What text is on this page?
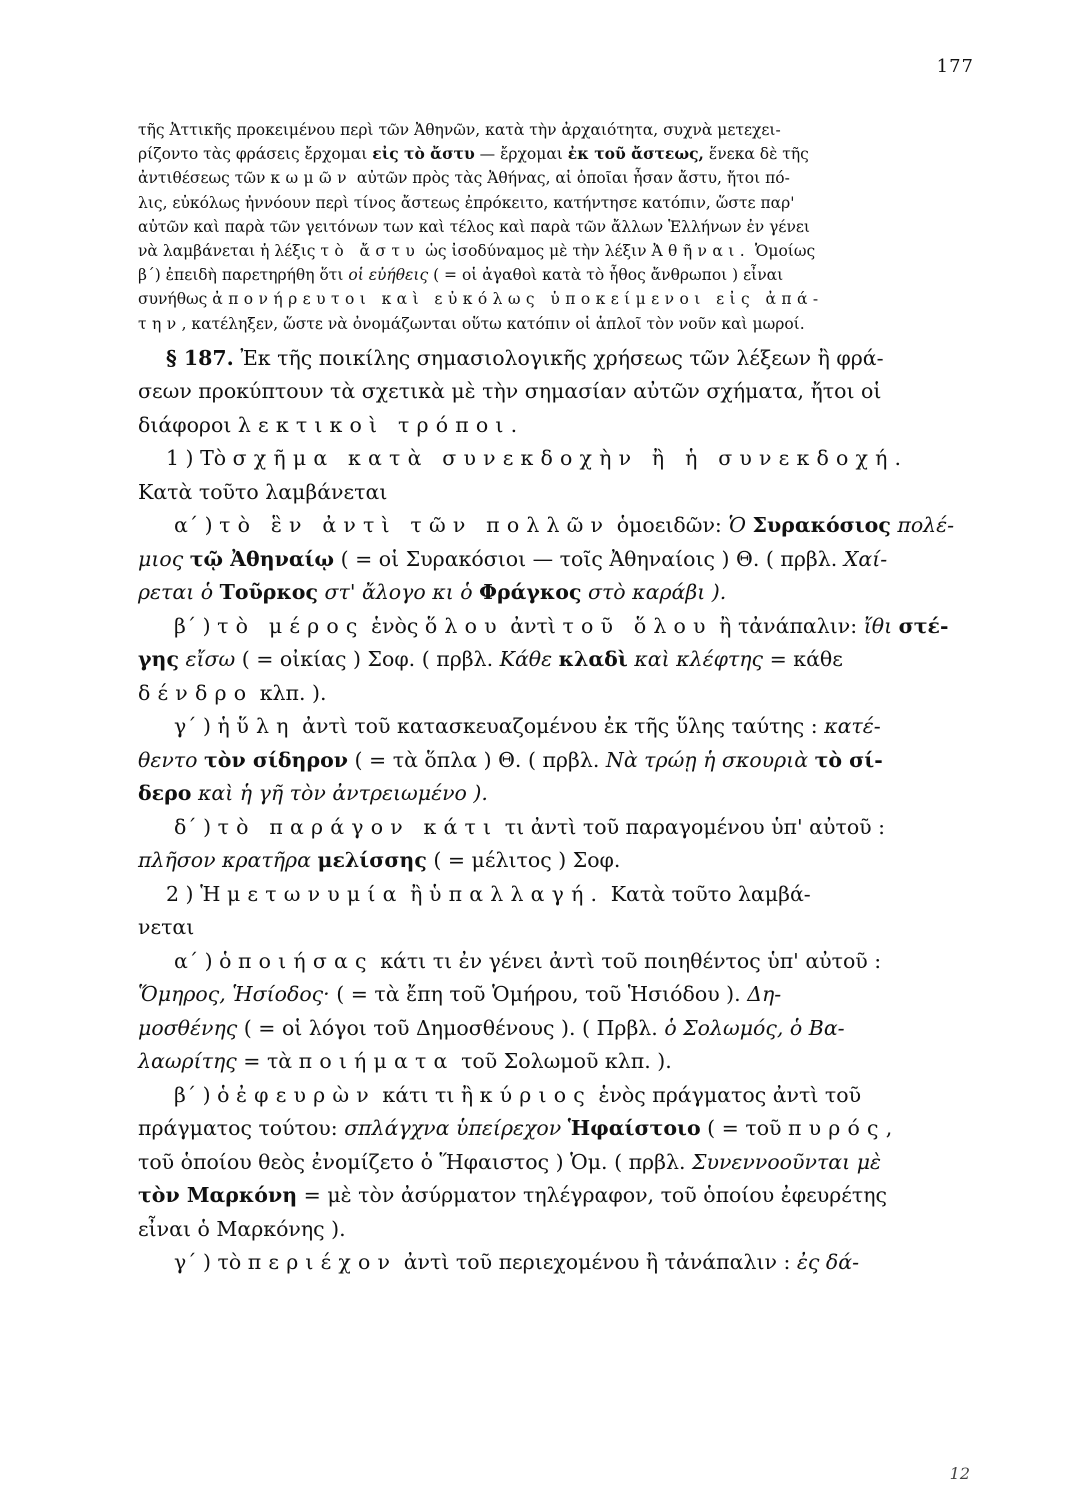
177

τῆς Ἀττικῆς προκειμένου περὶ τῶν Ἀθηνῶν, κατὰ τὴν ἀρχαιότητα, συχνὰ μετεχει-

ρίζοντο τὰς φράσεις ἔρχομαι εἰς τὸ ἄστυ — ἔρχομαι ἐκ τοῦ ἄστεως, ἕνεκα δὲ τῆς

ἀντιθέσεως τῶν κωμῶν αὐτῶν πρὸς τὰς Ἀθήνας, αἱ ὁποῖαι ἦσαν ἄστυ, ἤτοι πό-

λις, εὐκόλως ἠννόουν περὶ τίνος ἄστεως ἐπρόκειτο, κατήντησε κατόπιν, ὥστε παρ'

αὐτῶν καὶ παρὰ τῶν γειτόνων των καὶ τέλος καὶ παρὰ τῶν ἄλλων Ἑλλήνων ἐν γένει

νὰ λαμβάνεται ἡ λέξις τὸ ἄστυ ὡς ἰσοδύναμος μὲ τὴν λέξιν Ἀθῆναι. Ὁμοίως

β΄) ἐπειδὴ παρετηρήθη ὅτι οἱ εὐήθεις ( = οἱ ἀγαθοὶ κατὰ τὸ ἦθος ἄνθρωποι ) εἶναι

συνήθως ἀπονήρευτοι καὶ εὐκόλως ὑποκείμενοι εἰς ἀπά-

την, κατέληξεν, ὥστε νὰ ὀνομάζωνται οὕτω κατόπιν οἱ ἁπλοῖ τὸν νοῦν καὶ μωροί.

§ 187. Ἐκ τῆς ποικίλης σημασιολογικῆς χρήσεως τῶν λέξεων ἢ φρά-

σεων προκύπτουν τὰ σχετικὰ μὲ τὴν σημασίαν αὐτῶν σχήματα, ἤτοι οἱ

διάφοροι λεκτικοὶ τρόποι.

1 ) Τὸ σχῆμα κατὰ συνεκδοχὴν ἢ ἡ συνεκδοχή.

Κατὰ τοῦτο λαμβάνεται

α΄ ) τὸ ἓν ἀντὶ τῶν πολλῶν ὁμοειδῶν: Ὁ Συρακόσιος πολέ-

μιος τῷ Ἀθηναίῳ ( = οἱ Συρακόσιοι — τοῖς Ἀθηναίοις ) Θ. ( πρβλ. Χαί-

ρεται ὁ Τοῦρκος στ' ἄλογο κι ὁ Φράγκος στὸ καράβι ).

β΄ ) τὸ μέρος ἑνὸς ὅλου ἀντὶ τοῦ ὅλου ἢ τἀνάπαλιν: ἴθι στέ-

γης εἴσω ( = οἰκίας ) Σοφ. ( πρβλ. Κάθε κλαδὶ καὶ κλέφτης = κάθε

δένδρο κλπ. ).

γ΄ ) ἡ ὕλη ἀντὶ τοῦ κατασκευαζομένου ἐκ τῆς ὕλης ταύτης : κατέ-

θεντο τὸν σίδηρον ( = τὰ ὅπλα ) Θ. ( πρβλ. Νὰ τρώῃ ἡ σκουριὰ τὸ σί-

δερο καὶ ἡ γῆ τὸν ἀντρειωμένο ).

δ΄ ) τὸ παράγον κάτι τι ἀντὶ τοῦ παραγομένου ὑπ' αὐτοῦ :

πλῆσον κρατῆρα μελίσσης ( = μέλιτος ) Σοφ.

2 ) Ἡ μετωνυμία ἢ ὑπαλλαγή. Κατὰ τοῦτο λαμβά-

νεται

α΄ ) ὁ ποιήσας κάτι τι ἐν γένει ἀντὶ τοῦ ποιηθέντος ὑπ' αὐτοῦ :

Ὅμηρος, Ἡσίοδος· ( = τὰ ἔπη τοῦ Ὁμήρου, τοῦ Ἡσιόδου ). Δη-

μοσθένης ( = οἱ λόγοι τοῦ Δημοσθένους ). ( Πρβλ. ὁ Σολωμός, ὁ Βα-

λαωρίτης = τὰ ποιήματα τοῦ Σολωμοῦ κλπ. ).

β΄ ) ὁ ἐφευρὼν κάτι τι ἢ κύριος ἑνὸς πράγματος ἀντὶ τοῦ

πράγματος τούτου: σπλάγχνα ὑπείρεχον Ἡφαίστοιο ( = τοῦ πυρός,

τοῦ ὁποίου θεὸς ἐνομίζετο ὁ Ἥφαιστος ) Ὁμ. ( πρβλ. Συνεννοοῦνται μὲ

τὸν Μαρκόνη = μὲ τὸν ἀσύρματον τηλέγραφον, τοῦ ὁποίου ἐφευρέτης

εἶναι ὁ Μαρκόνης ).

γ΄ ) τὸ περιέχον ἀντὶ τοῦ περιεχομένου ἢ τἀνάπαλιν : ἐς δά-

12
